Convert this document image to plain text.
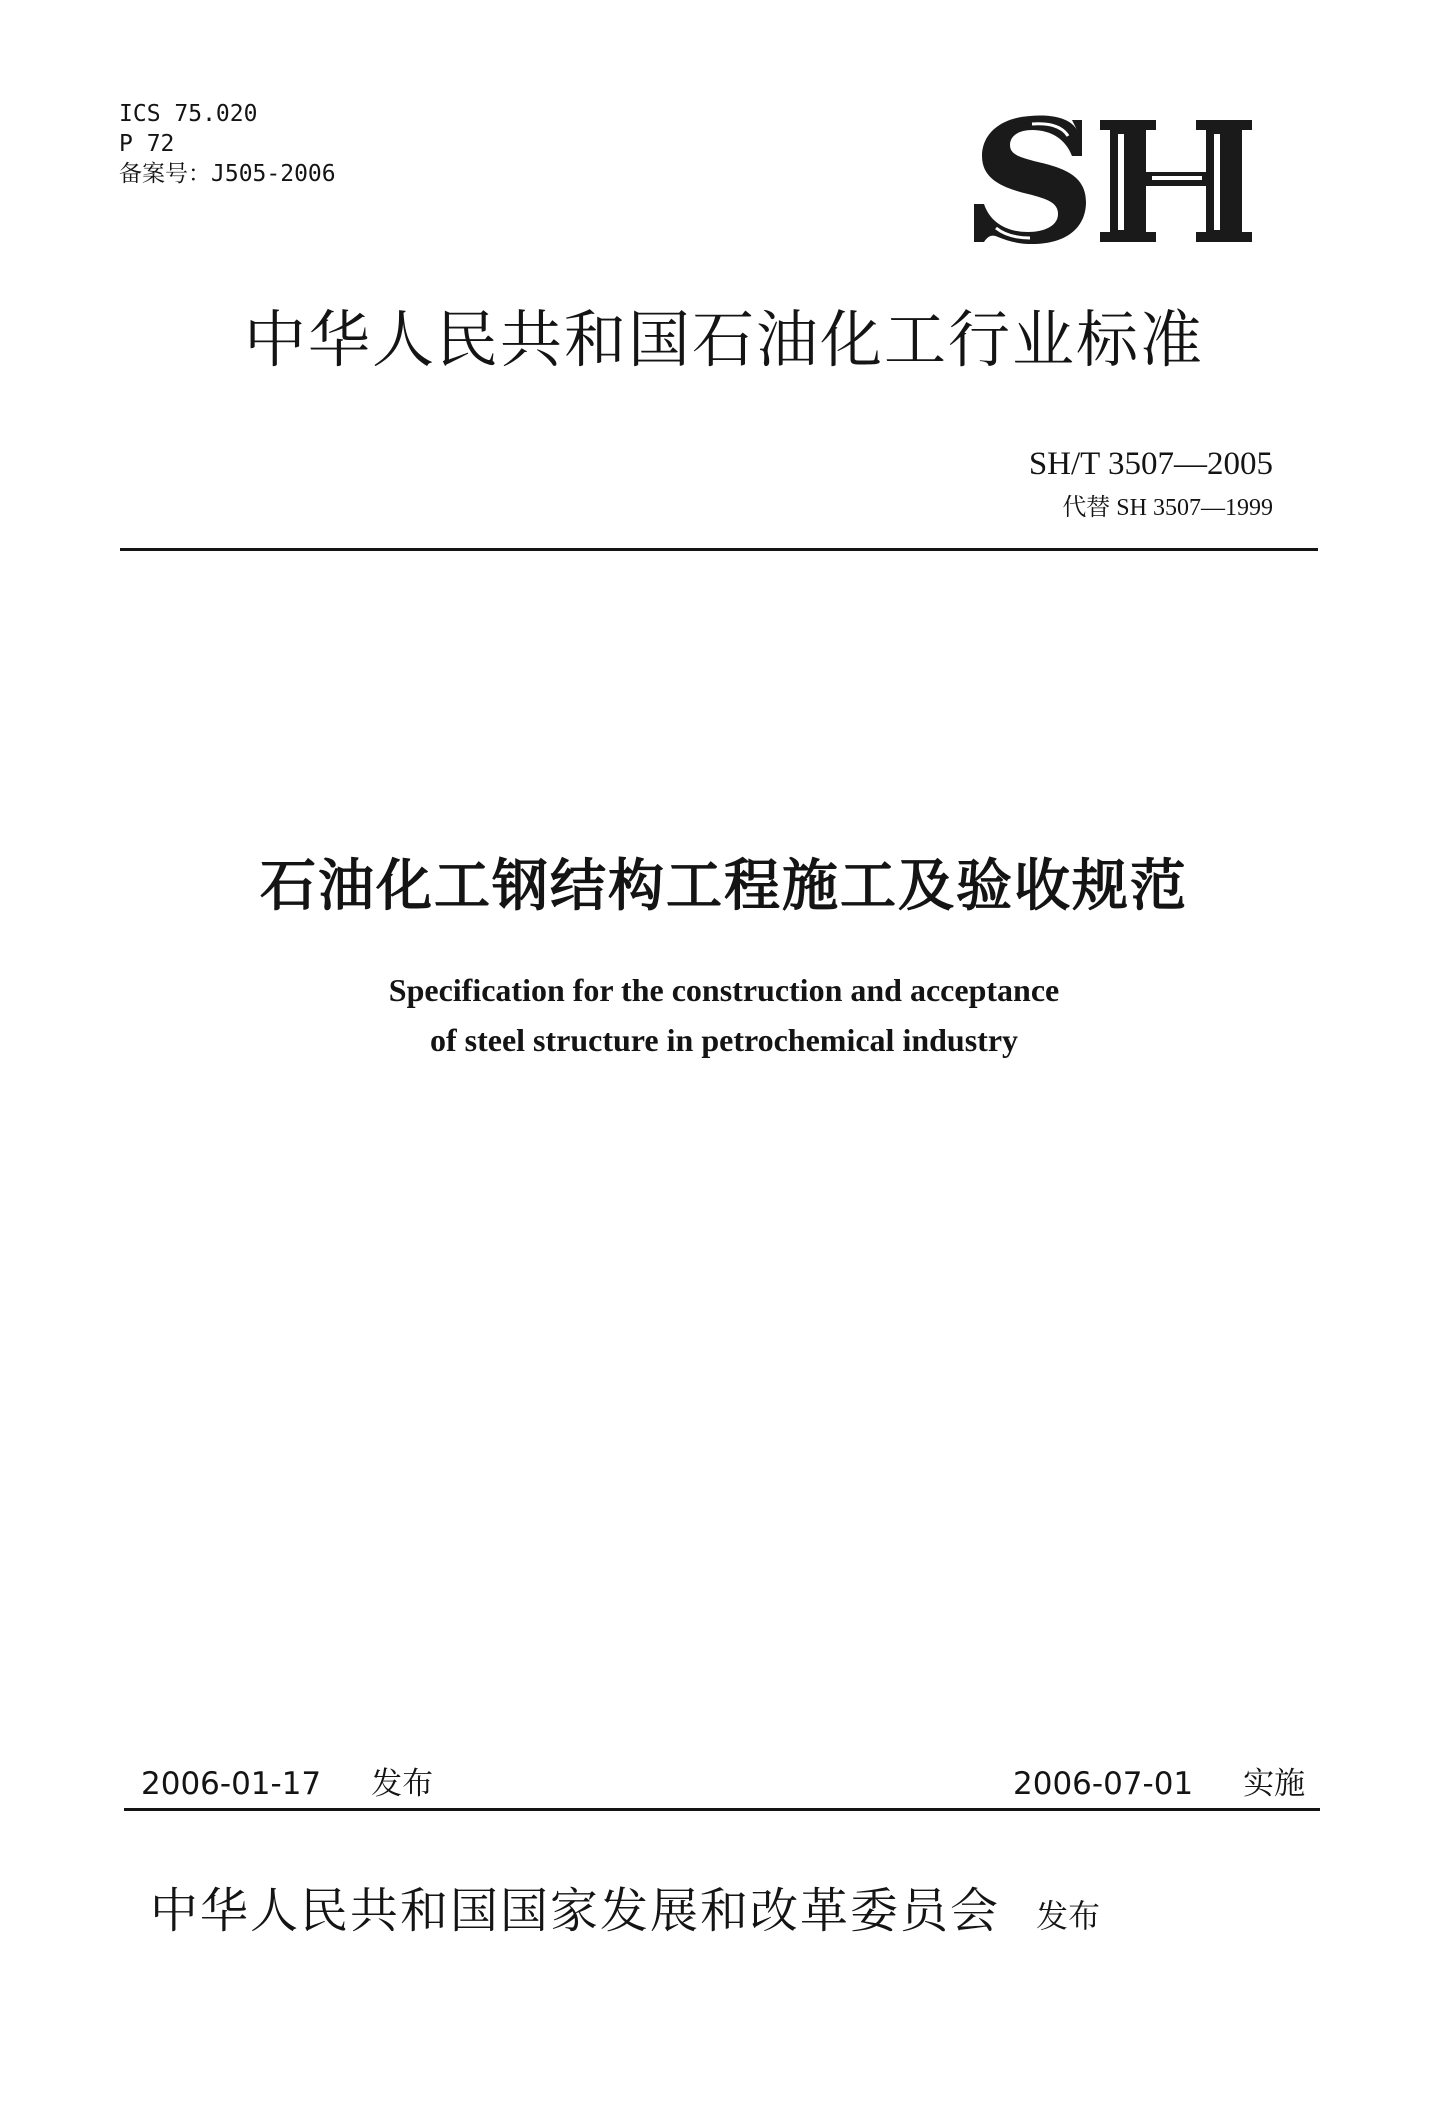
ICS 75.020
P 72
备案号：J505-2006
中华人民共和国石油化工行业标准
SH/T 3507—2005
代替 SH 3507—1999
石油化工钢结构工程施工及验收规范
Specification for the construction and acceptance
of steel structure in petrochemical industry
2006-01-17 发布	2006-07-01 实施
中华人民共和国国家发展和改革委员会 发布
